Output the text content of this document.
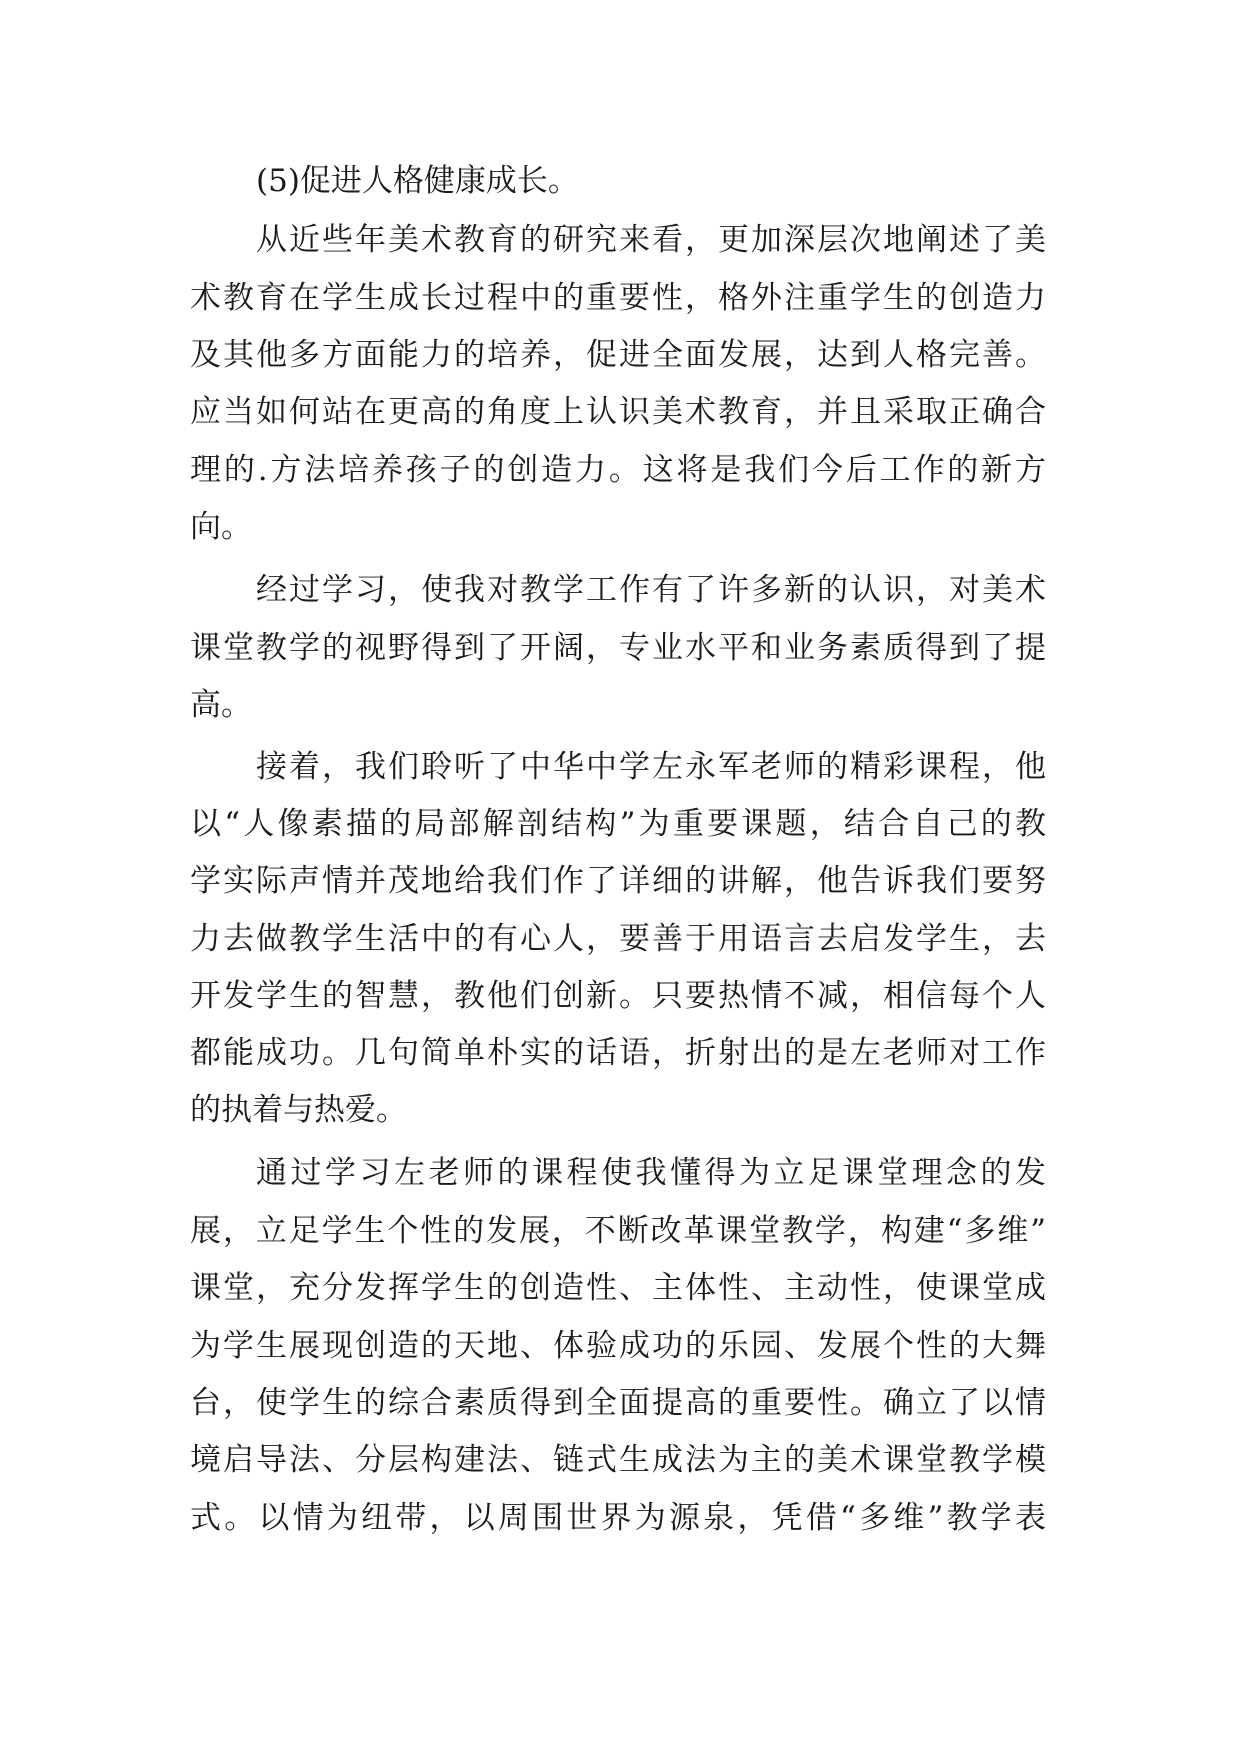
(5)促进人格健康成长。
从近些年美术教育的研究来看，更加深层次地阐述了美
术教育在学生成长过程中的重要性，格外注重学生的创造力
及其他多方面能力的培养，促进全面发展，达到人格完善。
应当如何站在更高的角度上认识美术教育，并且采取正确合
理的.方法培养孩子的创造力。这将是我们今后工作的新方
向。
经过学习，使我对教学工作有了许多新的认识，对美术
课堂教学的视野得到了开阔，专业水平和业务素质得到了提
高。
接着，我们聆听了中华中学左永军老师的精彩课程，他
以“人像素描的局部解剖结构”为重要课题，结合自己的教
学实际声情并茂地给我们作了详细的讲解，他告诉我们要努
力去做教学生活中的有心人，要善于用语言去启发学生，去
开发学生的智慧，教他们创新。只要热情不减，相信每个人
都能成功。几句简单朴实的话语，折射出的是左老师对工作
的执着与热爱。
通过学习左老师的课程使我懂得为立足课堂理念的发
展，立足学生个性的发展，不断改革课堂教学，构建“多维”
课堂，充分发挥学生的创造性、主体性、主动性，使课堂成
为学生展现创造的天地、体验成功的乐园、发展个性的大舞
台，使学生的综合素质得到全面提高的重要性。确立了以情
境启导法、分层构建法、链式生成法为主的美术课堂教学模
式。以情为纽带，以周围世界为源泉，凭借“多维”教学表
